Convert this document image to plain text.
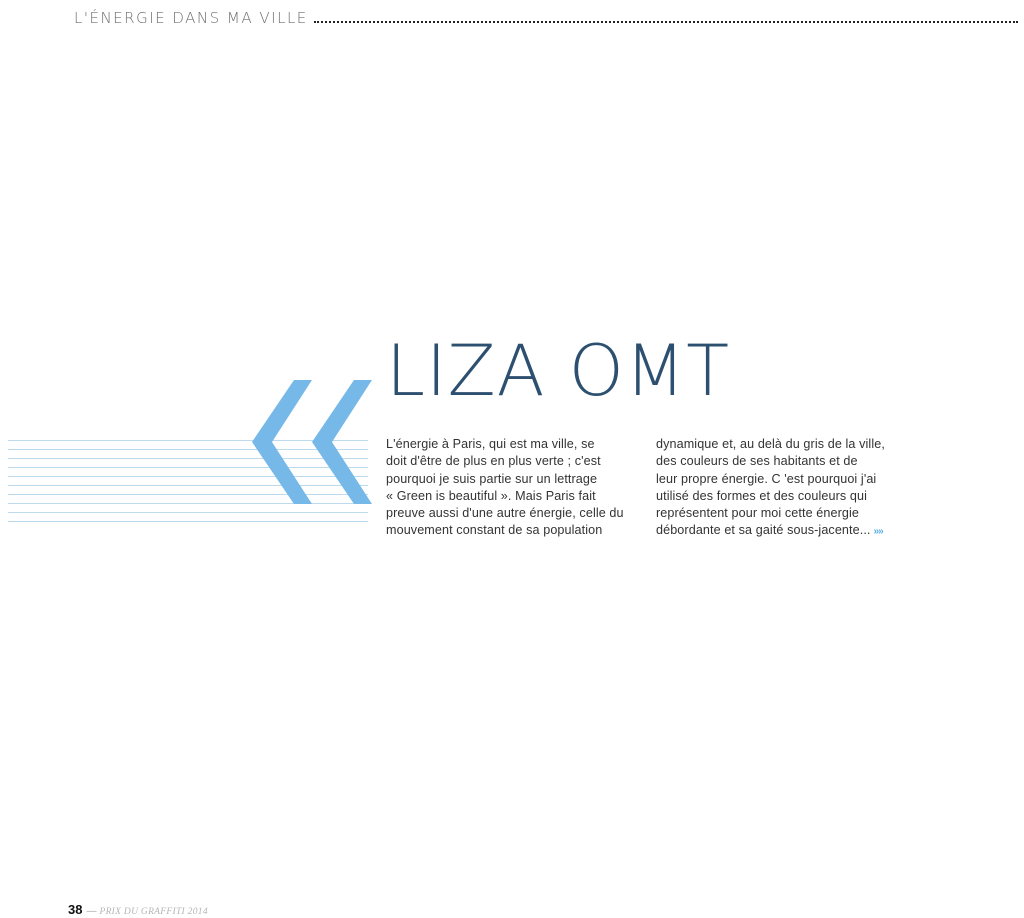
L'ÉNERGIE DANS MA VILLE
LIZA OMT

L'énergie à Paris, qui est ma ville, se

doit d'être de plus en plus verte ; c'est

pourquoi je suis partie sur un lettrage

« Green is beautiful ». Mais Paris fait

preuve aussi d'une autre énergie, celle du

mouvement constant de sa population

dynamique et, au delà du gris de la ville,

des couleurs de ses habitants et de

leur propre énergie. C 'est pourquoi j'ai

utilisé des formes et des couleurs qui

représentent pour moi cette énergie

débordante et sa gaité sous-jacente... »»

38 — PRIX DU GRAFFITI 2014
